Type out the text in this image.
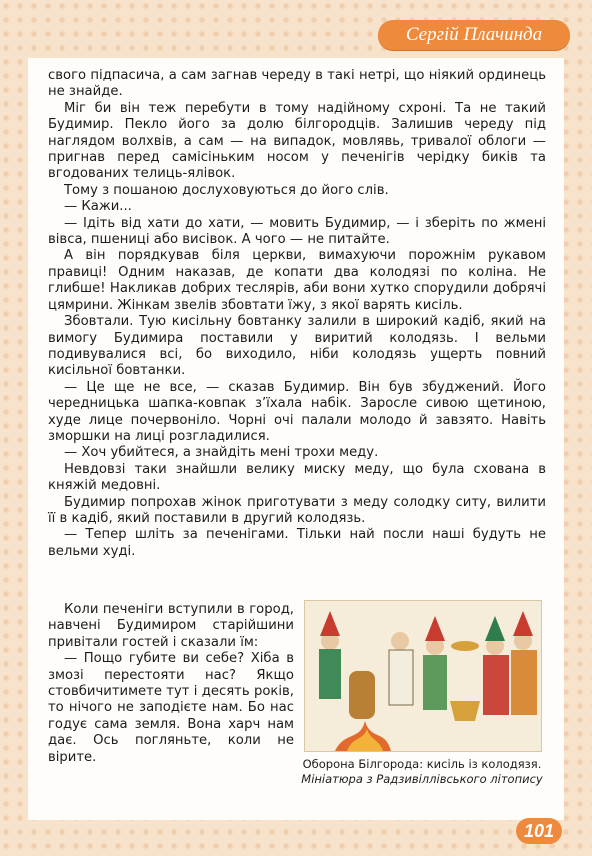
Сергій Плачинда

свого підпасича, а сам загнав череду в такі нетрі, що ніякий ординець не знайде.

Міг би він теж перебути в тому надійному схроні. Та не такий Будимир. Пекло його за долю білгородців. Залишив череду під наглядом волхвів, а сам — на випадок, мовлявь, тривалої облоги — пригнав перед самісіньким носом у печенігів черідку биків та вгодованих телиць-ялівок.

Тому з пошаною дослуховуються до його слів.

— Кажи...

— Ідіть від хати до хати, — мовить Будимир, — і зберіть по жмені вівса, пшениці або висівок. А чого — не питайте.

А він порядкував біля церкви, вимахуючи порожнім рукавом правиці! Одним наказав, де копати два колодязі по коліна. Не глибше! Накликав добрих теслярів, аби вони хутко спорудили добрячі цямрини. Жінкам звелів збовтати їжу, з якої варять кисіль.

Збовтали. Тую кисільну бовтанку залили в широкий кадіб, який на вимогу Будимира поставили у виритий колодязь. І вельми подивувалися всі, бо виходило, ніби колодязь ущерть повний кисільної бовтанки.

— Це ще не все, — сказав Будимир. Він був збуджений. Його чередницька шапка-ковпак з’їхала набік. Заросле сивою щетиною, худе лице почервоніло. Чорні очі палали молодо й завзято. Навіть зморшки на лиці розгладилися.

— Хоч убийтеся, а знайдіть мені трохи меду.

Невдовзі таки знайшли велику миску меду, що була схована в княжій медовні.

Будимир попрохав жінок приготувати з меду солодку ситу, вилити її в кадіб, який поставили в другий колодязь.

— Тепер шліть за печенігами. Тільки най посли наші будуть не вельми худі.

Коли печеніги вступили в город, навчені Будимиром старійшини привітали гостей і сказали їм:

— Пощо губите ви себе? Хіба в змозі перестояти нас? Якщо стовбичитимете тут і десять років, то нічого не заподієте нам. Бо нас годує сама земля. Вона харч нам дає. Ось погляньте, коли не вірите.	Оборона Білгорода: кисіль із колодязя.
Мініатюра з Радзивіллівського літопису
101
